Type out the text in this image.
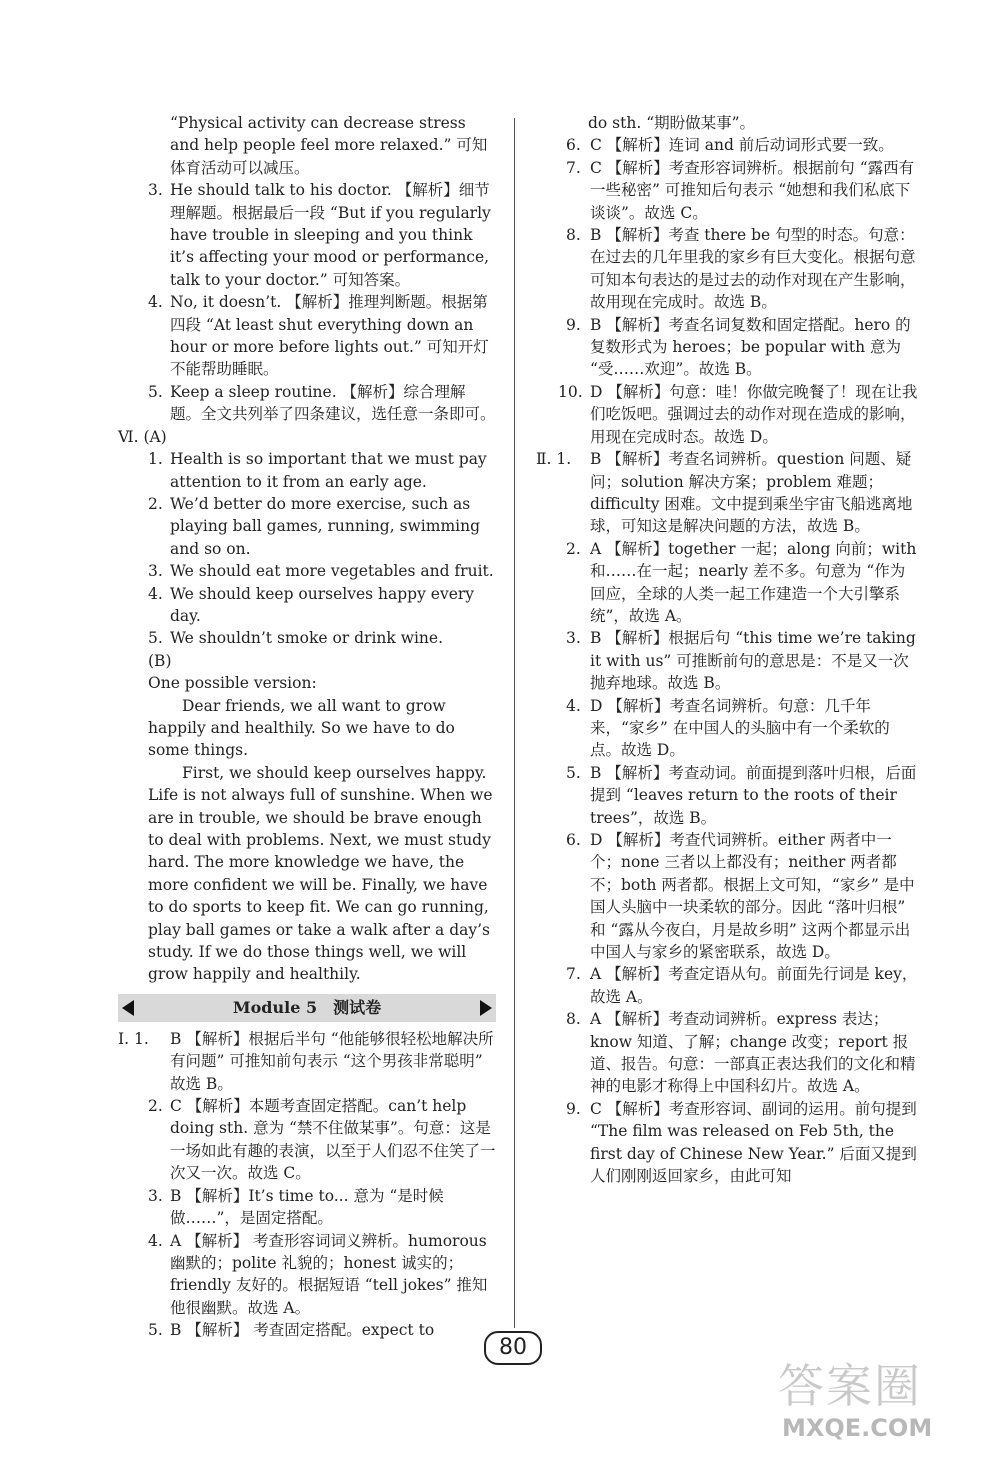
“Physical activity can decrease stress and help people feel more relaxed.” 可知体育活动可以减压。

3. He should talk to his doctor. 【解析】细节理解题。根据最后一段 “But if you regularly have trouble in sleeping and you think it’s affecting your mood or performance, talk to your doctor.” 可知答案。
4. No, it doesn’t. 【解析】推理判断题。根据第四段 “At least shut everything down an hour or more before lights out.” 可知开灯不能帮助睡眠。
5. Keep a sleep routine. 【解析】综合理解题。全文共列举了四条建议，选任意一条即可。

Ⅵ. (A)

1. Health is so important that we must pay attention to it from an early age.
2. We’d better do more exercise, such as playing ball games, running, swimming and so on.
3. We should eat more vegetables and fruit.
4. We should keep ourselves happy every day.
5. We shouldn’t smoke or drink wine.

(B)

One possible version:

Dear friends, we all want to grow happily and healthily. So we have to do some things.

First, we should keep ourselves happy. Life is not always full of sunshine. When we are in trouble, we should be brave enough to deal with problems. Next, we must study hard. The more knowledge we have, the more confident we will be. Finally, we have to do sports to keep fit. We can go running, play ball games or take a walk after a day’s study. If we do those things well, we will grow happily and healthily.

Module 5　测试卷
Ⅰ. 1.	B 【解析】根据后半句 “他能够很轻松地解决所有问题” 可推知前句表示 “这个男孩非常聪明” 故选 B。
2. C 【解析】本题考查固定搭配。can’t help doing sth. 意为 “禁不住做某事”。句意：这是一场如此有趣的表演，以至于人们忍不住笑了一次又一次。故选 C。
3. B 【解析】It’s time to... 意为 “是时候做……”，是固定搭配。
4. A 【解析】 考查形容词词义辨析。humorous 幽默的；polite 礼貌的；honest 诚实的；friendly 友好的。根据短语 “tell jokes” 推知他很幽默。故选 A。
5. B 【解析】 考查固定搭配。expect to

do sth. “期盼做某事”。

6. C 【解析】连词 and 前后动词形式要一致。
7. C 【解析】考查形容词辨析。根据前句 “露西有一些秘密” 可推知后句表示 “她想和我们私底下谈谈”。故选 C。
8. B 【解析】考查 there be 句型的时态。句意：在过去的几年里我的家乡有巨大变化。根据句意可知本句表达的是过去的动作对现在产生影响，故用现在完成时。故选 B。
9. B 【解析】考查名词复数和固定搭配。hero 的复数形式为 heroes；be popular with 意为 “受……欢迎”。故选 B。
10. D 【解析】句意：哇！你做完晚餐了！现在让我们吃饭吧。强调过去的动作对现在造成的影响，用现在完成时态。故选 D。
Ⅱ. 1.	B 【解析】考查名词辨析。question 问题、疑问；solution 解决方案；problem 难题；difficulty 困难。文中提到乘坐宇宙飞船逃离地球，可知这是解决问题的方法，故选 B。
2. A 【解析】together 一起；along 向前；with 和……在一起；nearly 差不多。句意为 “作为回应，全球的人类一起工作建造一个大引擎系统”，故选 A。
3. B 【解析】根据后句 “this time we’re taking it with us” 可推断前句的意思是：不是又一次抛弃地球。故选 B。
4. D 【解析】考查名词辨析。句意：几千年来，“家乡” 在中国人的头脑中有一个柔软的点。故选 D。
5. B 【解析】考查动词。前面提到落叶归根，后面提到 “leaves return to the roots of their trees”，故选 B。
6. D 【解析】考查代词辨析。either 两者中一个；none 三者以上都没有；neither 两者都不；both 两者都。根据上文可知，“家乡” 是中国人头脑中一块柔软的部分。因此 “落叶归根” 和 “露从今夜白，月是故乡明” 这两个都显示出中国人与家乡的紧密联系，故选 D。
7. A 【解析】考查定语从句。前面先行词是 key，故选 A。
8. A 【解析】考查动词辨析。express 表达；know 知道、了解；change 改变；report 报道、报告。句意：一部真正表达我们的文化和精神的电影才称得上中国科幻片。故选 A。
9. C 【解析】考查形容词、副词的运用。前句提到 “The film was released on Feb 5th, the first day of Chinese New Year.” 后面又提到人们刚刚返回家乡，由此可知
80
答案圈
MXQE.COM
